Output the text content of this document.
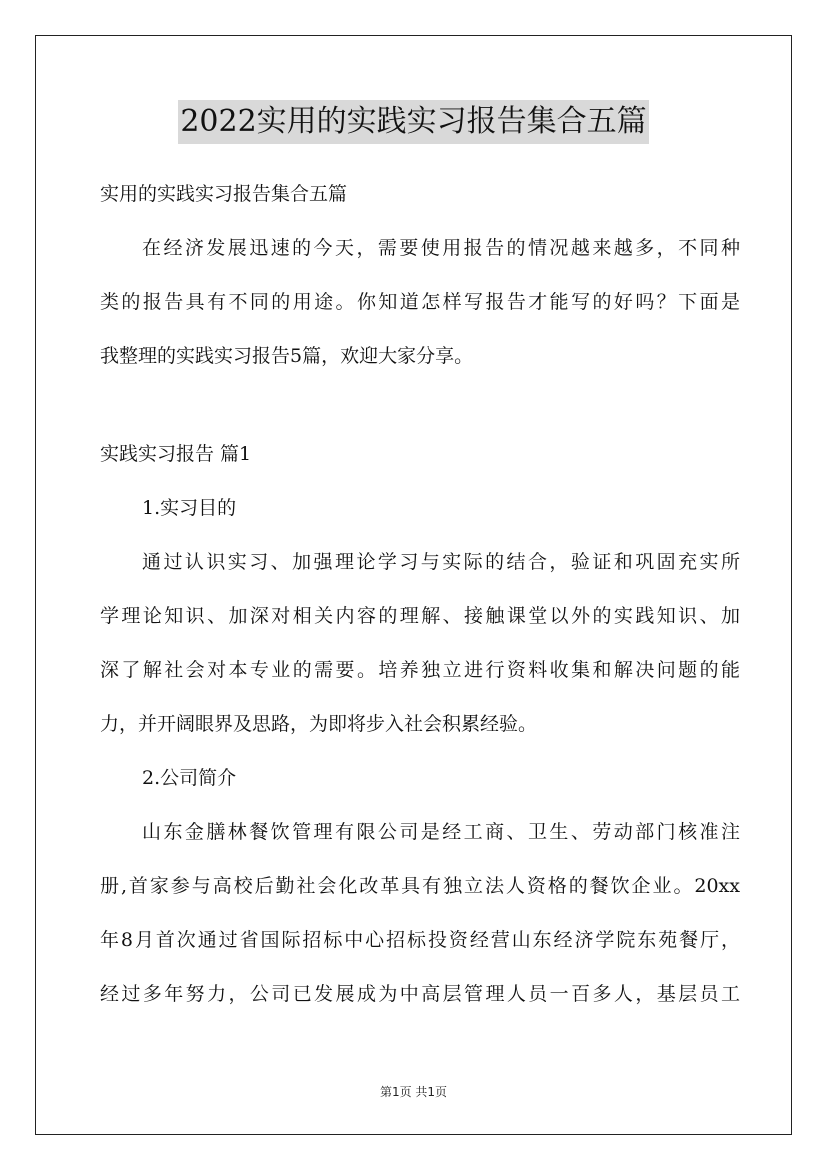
2022实用的实践实习报告集合五篇
实用的实践实习报告集合五篇
在经济发展迅速的今天，需要使用报告的情况越来越多，不同种
类的报告具有不同的用途。你知道怎样写报告才能写的好吗？下面是
我整理的实践实习报告5篇，欢迎大家分享。
实践实习报告 篇1
1.实习目的
通过认识实习、加强理论学习与实际的结合，验证和巩固充实所
学理论知识、加深对相关内容的理解、接触课堂以外的实践知识、加
深了解社会对本专业的需要。培养独立进行资料收集和解决问题的能
力，并开阔眼界及思路，为即将步入社会积累经验。
2.公司简介
山东金膳林餐饮管理有限公司是经工商、卫生、劳动部门核准注
册,首家参与高校后勤社会化改革具有独立法人资格的餐饮企业。20xx
年8月首次通过省国际招标中心招标投资经营山东经济学院东苑餐厅，
经过多年努力，公司已发展成为中高层管理人员一百多人，基层员工
第1页 共1页
